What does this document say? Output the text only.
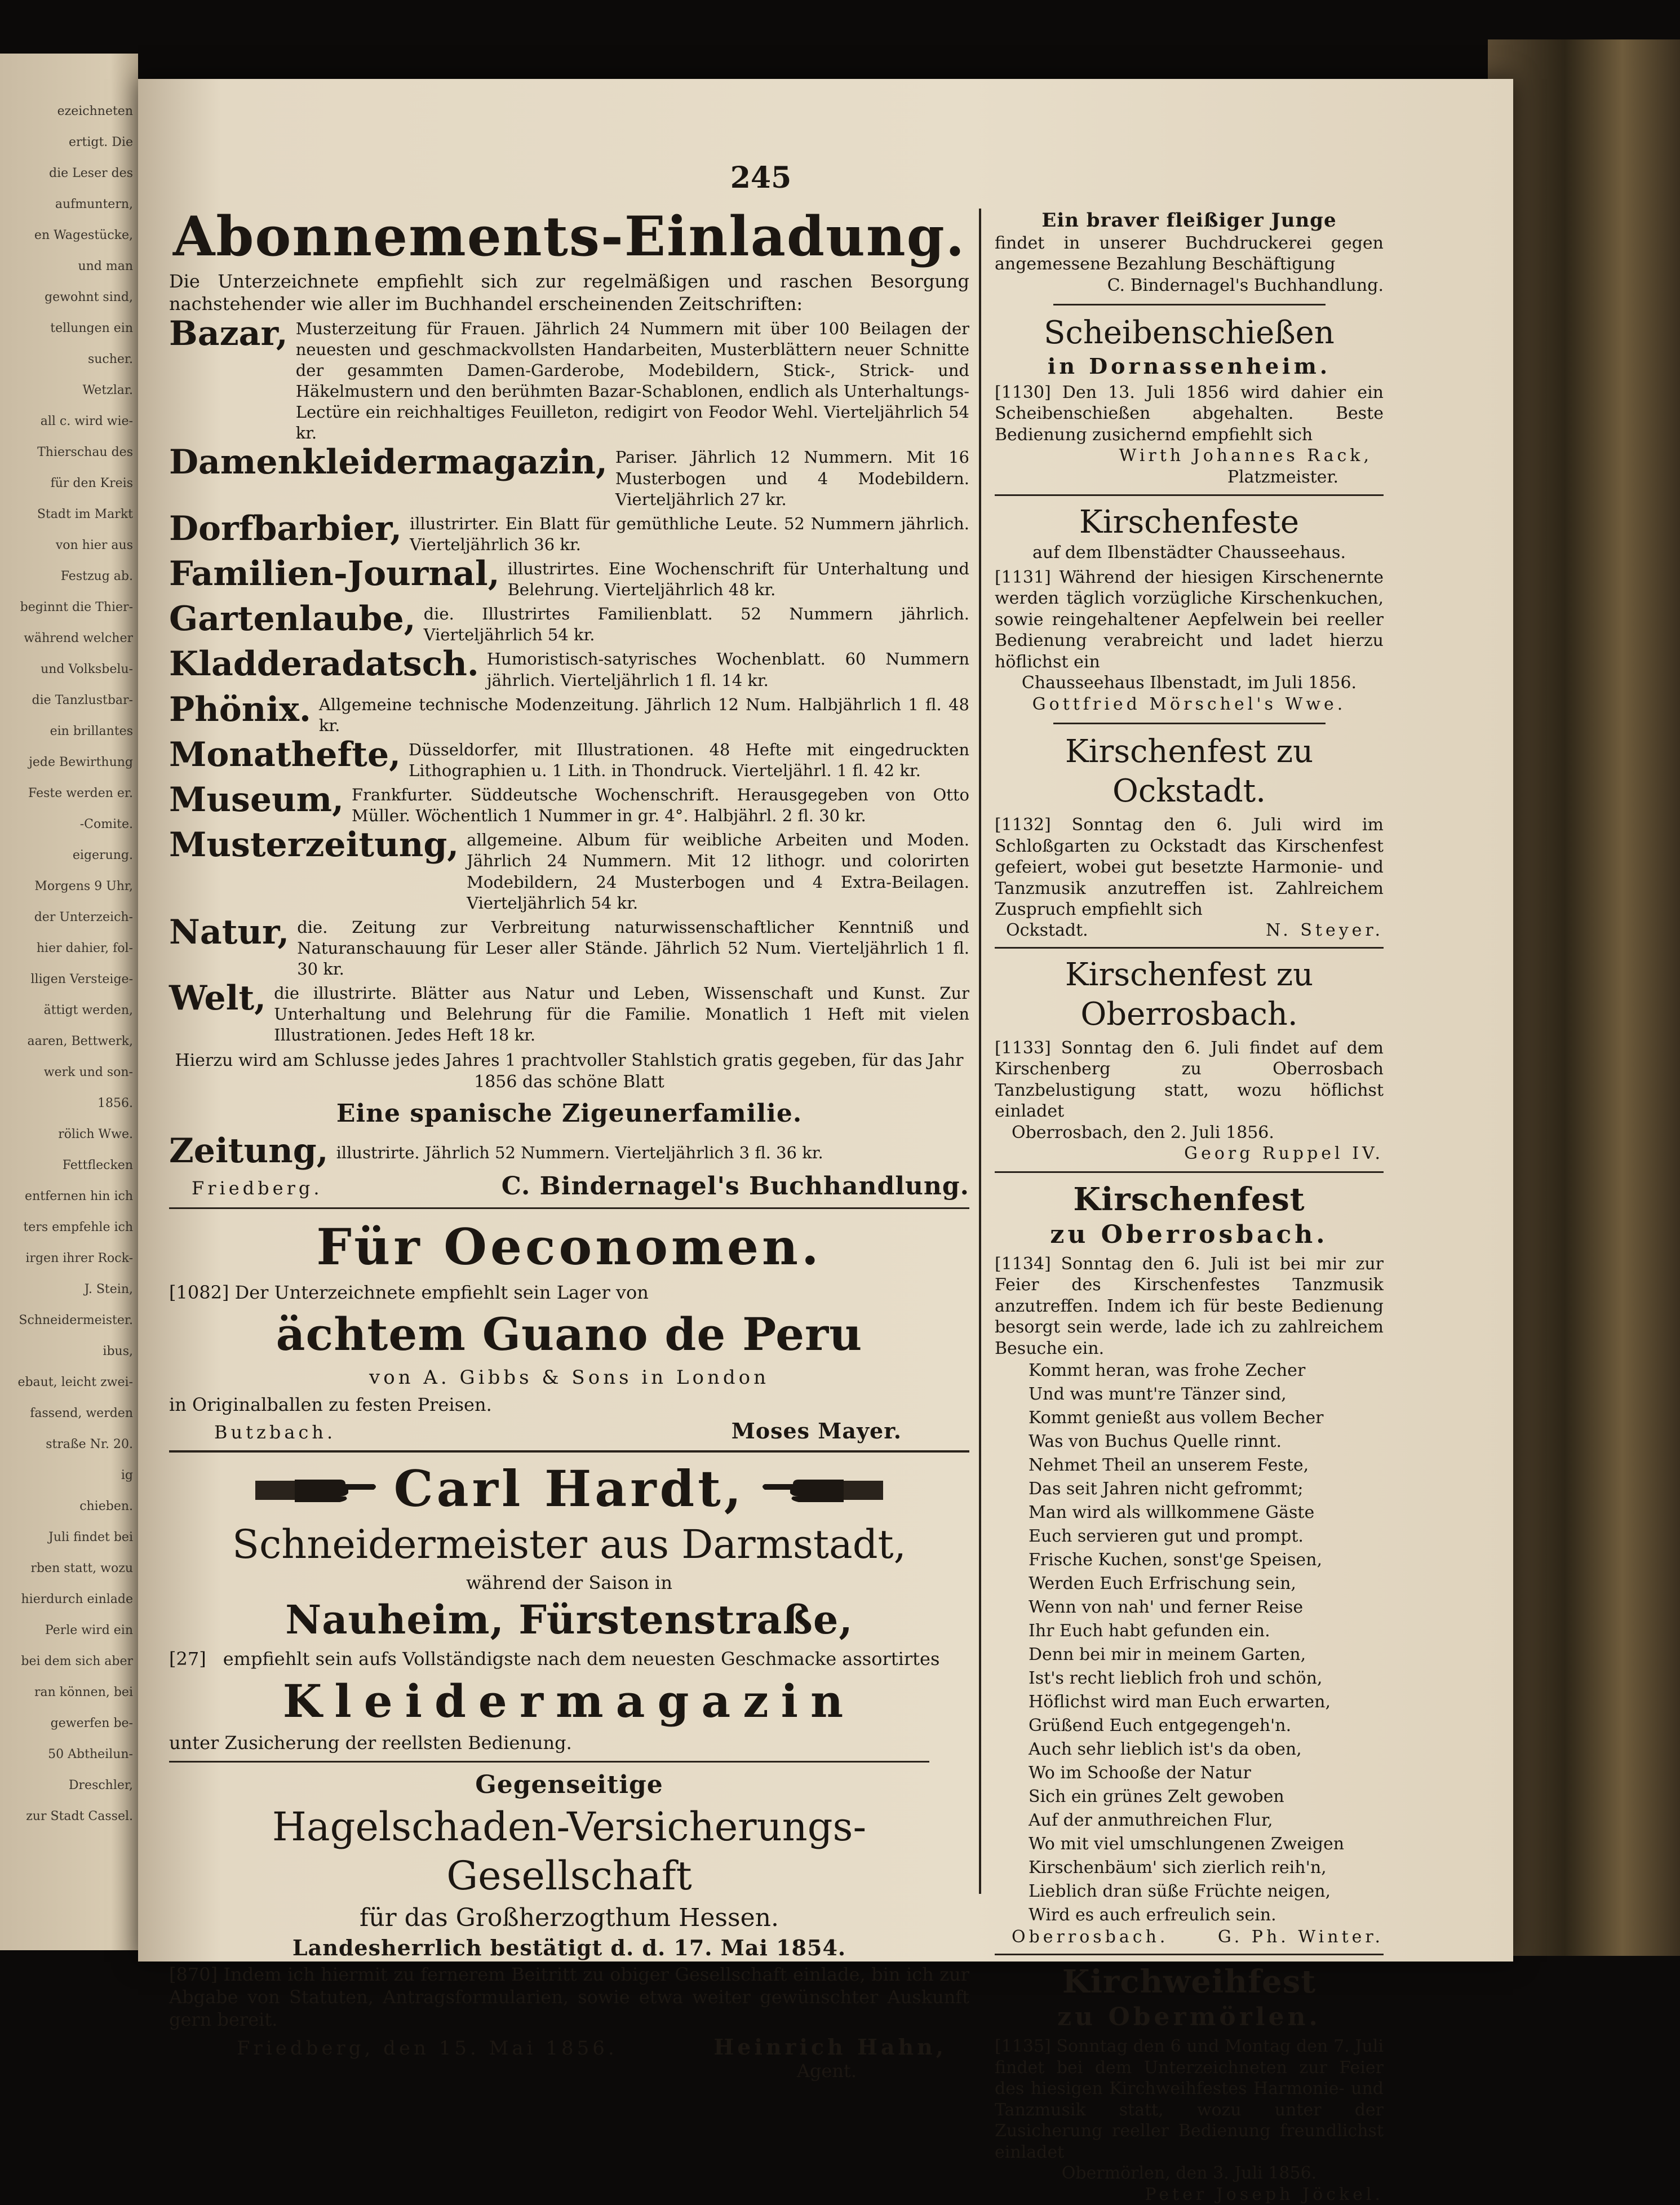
ezeichneten
ertigt. Die
die Leser des
aufmuntern,
en Wagestücke,
und man
gewohnt sind,
tellungen ein
sucher.
Wetzlar.
all c. wird wie-
Thierschau des
für den Kreis
Stadt im Markt
von hier aus
Festzug ab.
beginnt die Thier-
während welcher
und Volksbelu-
die Tanzlustbar-
ein brillantes
jede Bewirthung
Feste werden er.
-Comite.
eigerung.
Morgens 9 Uhr,
der Unterzeich-
hier dahier, fol-
lligen Versteige-
ättigt werden,
aaren, Bettwerk,
werk und son-
1856.
rölich Wwe.
Fettflecken
entfernen hin ich
ters empfehle ich
irgen ihrer Rock-
J. Stein,
Schneidermeister.
ibus,
ebaut, leicht zwei-
fassend, werden
straße Nr. 20.
ig
chieben.
Juli findet bei
rben statt, wozu
hierdurch einlade
Perle wird ein
bei dem sich aber
ran können, bei
gewerfen be-
50 Abtheilun-
Dreschler,
zur Stadt Cassel.
245

Abonnements-Einladung.

Die Unterzeichnete empfiehlt sich zur regelmäßigen und raschen Besorgung nachstehender wie aller im Buchhandel erscheinenden Zeitschriften:

Bazar, Musterzeitung für Frauen. Jährlich 24 Nummern mit über 100 Beilagen der neuesten und geschmackvollsten Handarbeiten, Musterblättern neuer Schnitte der gesammten Damen-Garderobe, Modebildern, Stick-, Strick- und Häkelmustern und den berühmten Bazar-Schablonen, endlich als Unterhaltungs-Lectüre ein reichhaltiges Feuilleton, redigirt von Feodor Wehl. Vierteljährlich 54 kr.
Damenkleidermagazin, Pariser. Jährlich 12 Nummern. Mit 16 Musterbogen und 4 Modebildern. Vierteljährlich 27 kr.
Dorfbarbier, illustrirter. Ein Blatt für gemüthliche Leute. 52 Nummern jährlich. Vierteljährlich 36 kr.
Familien-Journal, illustrirtes. Eine Wochenschrift für Unterhaltung und Belehrung. Vierteljährlich 48 kr.
Gartenlaube, die. Illustrirtes Familienblatt. 52 Nummern jährlich. Vierteljährlich 54 kr.
Kladderadatsch. Humoristisch-satyrisches Wochenblatt. 60 Nummern jährlich. Vierteljährlich 1 fl. 14 kr.
Phönix. Allgemeine technische Modenzeitung. Jährlich 12 Num. Halbjährlich 1 fl. 48 kr.
Monathefte, Düsseldorfer, mit Illustrationen. 48 Hefte mit eingedruckten Lithographien u. 1 Lith. in Thondruck. Vierteljährl. 1 fl. 42 kr.
Museum, Frankfurter. Süddeutsche Wochenschrift. Herausgegeben von Otto Müller. Wöchentlich 1 Nummer in gr. 4°. Halbjährl. 2 fl. 30 kr.
Musterzeitung, allgemeine. Album für weibliche Arbeiten und Moden. Jährlich 24 Nummern. Mit 12 lithogr. und colorirten Modebildern, 24 Musterbogen und 4 Extra-Beilagen. Vierteljährlich 54 kr.
Natur, die. Zeitung zur Verbreitung naturwissenschaftlicher Kenntniß und Naturanschauung für Leser aller Stände. Jährlich 52 Num. Vierteljährlich 1 fl. 30 kr.
Welt, die illustrirte. Blätter aus Natur und Leben, Wissenschaft und Kunst. Zur Unterhaltung und Belehrung für die Familie. Monatlich 1 Heft mit vielen Illustrationen. Jedes Heft 18 kr.

Hierzu wird am Schlusse jedes Jahres 1 prachtvoller Stahlstich gratis gegeben, für das Jahr 1856 das schöne Blatt

Eine spanische Zigeunerfamilie.

Zeitung, illustrirte. Jährlich 52 Nummern. Vierteljährlich 3 fl. 36 kr.
Friedberg.	C. Bindernagel's Buchhandlung.

Für Oeconomen.

[1082] Der Unterzeichnete empfiehlt sein Lager von

ächtem Guano de Peru

von A. Gibbs & Sons in London

in Originalballen zu festen Preisen.

Butzbach.	Moses Mayer.
Carl Hardt,

Schneidermeister aus Darmstadt,

während der Saison in

Nauheim, Fürstenstraße,

[27] empfiehlt sein aufs Vollständigste nach dem neuesten Geschmacke assortirtes

Kleidermagazin

unter Zusicherung der reellsten Bedienung.

Gegenseitige

Hagelschaden-Versicherungs-Gesellschaft

für das Großherzogthum Hessen.

Landesherrlich bestätigt d. d. 17. Mai 1854.

[870] Indem ich hiermit zu fernerem Beitritt zu obiger Gesellschaft einlade, bin ich zur Abgabe von Statuten, Antragsformularien, sowie etwa weiter gewünschter Auskunft gern bereit.

Friedberg, den 15. Mai 1856.	Heinrich Hahn,

Agent.

Ein braver fleißiger Junge

findet in unserer Buchdruckerei gegen angemessene Bezahlung Beschäftigung

C. Bindernagel's Buchhandlung.

Scheibenschießen

in Dornassenheim.

[1130] Den 13. Juli 1856 wird dahier ein Scheibenschießen abgehalten. Beste Bedienung zusichernd empfiehlt sich

Wirth Johannes Rack,

Platzmeister.

Kirschenfeste

auf dem Ilbenstädter Chausseehaus.

[1131] Während der hiesigen Kirschenernte werden täglich vorzügliche Kirschenkuchen, sowie reingehaltener Aepfelwein bei reeller Bedienung verabreicht und ladet hierzu höflichst ein

Chausseehaus Ilbenstadt, im Juli 1856.

Gottfried Mörschel's Wwe.

Kirschenfest zu Ockstadt.

[1132] Sonntag den 6. Juli wird im Schloßgarten zu Ockstadt das Kirschenfest gefeiert, wobei gut besetzte Harmonie- und Tanzmusik anzutreffen ist. Zahlreichem Zuspruch empfiehlt sich

Ockstadt.	N. Steyer.

Kirschenfest zu Oberrosbach.

[1133] Sonntag den 6. Juli findet auf dem Kirschenberg zu Oberrosbach Tanzbelustigung statt, wozu höflichst einladet

Oberrosbach, den 2. Juli 1856.

Georg Ruppel IV.

Kirschenfest

zu Oberrosbach.

[1134] Sonntag den 6. Juli ist bei mir zur Feier des Kirschenfestes Tanzmusik anzutreffen. Indem ich für beste Bedienung besorgt sein werde, lade ich zu zahlreichem Besuche ein.

Kommt heran, was frohe Zecher
Und was munt're Tänzer sind,
Kommt genießt aus vollem Becher
Was von Buchus Quelle rinnt.
Nehmet Theil an unserem Feste,
Das seit Jahren nicht gefrommt;
Man wird als willkommene Gäste
Euch servieren gut und prompt.
Frische Kuchen, sonst'ge Speisen,
Werden Euch Erfrischung sein,
Wenn von nah' und ferner Reise
Ihr Euch habt gefunden ein.
Denn bei mir in meinem Garten,
Ist's recht lieblich froh und schön,
Höflichst wird man Euch erwarten,
Grüßend Euch entgegengeh'n.
Auch sehr lieblich ist's da oben,
Wo im Schooße der Natur
Sich ein grünes Zelt gewoben
Auf der anmuthreichen Flur,
Wo mit viel umschlungenen Zweigen
Kirschenbäum' sich zierlich reih'n,
Lieblich dran süße Früchte neigen,
Wird es auch erfreulich sein.
Oberrosbach.	G. Ph. Winter.

Kirchweihfest

zu Obermörlen.

[1135] Sonntag den 6 und Montag den 7. Juli findet bei dem Unterzeichneten zur Feier des hiesigen Kirchweihfestes Harmonie- und Tanzmusik statt, wozu unter der Zusicherung reeller Bedienung freundlichst einladet

Obermörlen, den 3. Juli 1856.

Peter Joseph Jöckel.
